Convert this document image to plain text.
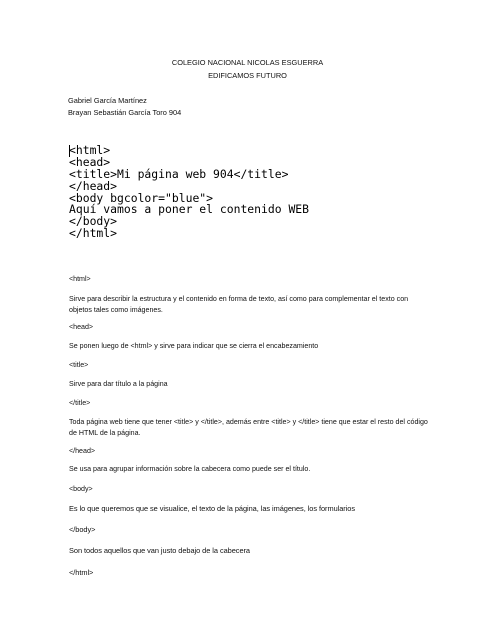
COLEGIO NACIONAL NICOLAS ESGUERRA
EDIFICAMOS FUTURO
Gabriel García Martínez
Brayan Sebastián García Toro 904
<html>
<head>
<title>Mi página web 904</title>
</head>
<body bgcolor="blue">
Aquí vamos a poner el contenido WEB
</body>
</html>
<html>
Sirve para describir la estructura y el contenido en forma de texto, así como para complementar el texto con objetos tales como imágenes.
<head>
Se ponen luego de <html> y sirve para indicar que se cierra el encabezamiento
<title>
Sirve para dar título a la página
</title>
Toda página web tiene que tener <title> y </title>, además entre <title> y </title> tiene que estar el resto del código de HTML de la página.
</head>
Se usa para agrupar información sobre la cabecera como puede ser el título.
<body>
Es lo que queremos que se visualice, el texto de la página, las imágenes, los formularios
</body>
Son todos aquellos que van justo debajo de la cabecera
</html>
